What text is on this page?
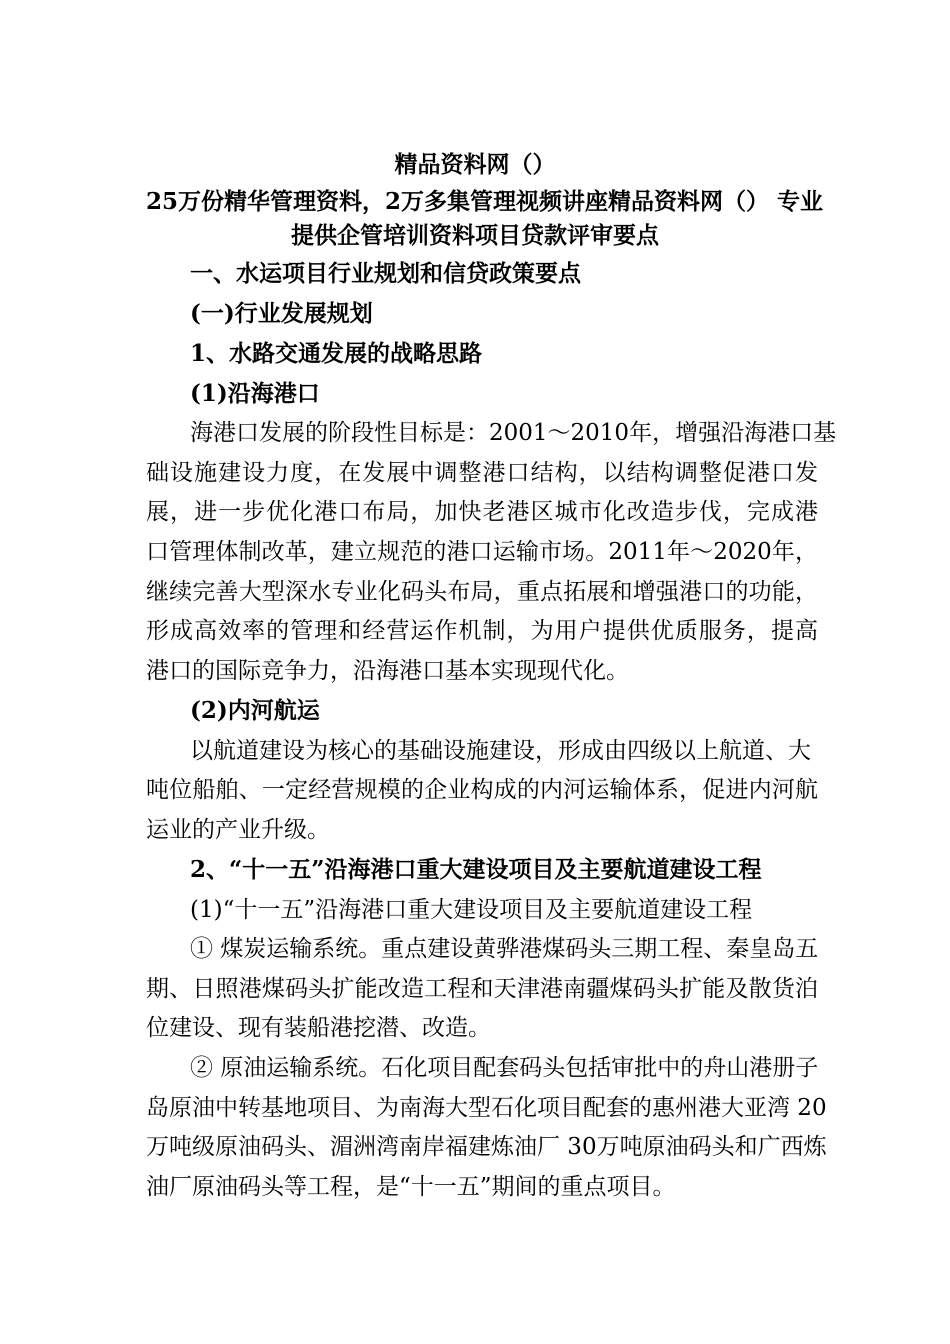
精品资料网（）
25万份精华管理资料，2万多集管理视频讲座精品资料网（） 专业
提供企管培训资料项目贷款评审要点
一、水运项目行业规划和信贷政策要点
(一)行业发展规划
1、水路交通发展的战略思路
(1)沿海港口
海港口发展的阶段性目标是：2001～2010年，增强沿海港口基
础设施建设力度，在发展中调整港口结构，以结构调整促港口发
展，进一步优化港口布局，加快老港区城市化改造步伐，完成港
口管理体制改革，建立规范的港口运输市场。2011年～2020年，
继续完善大型深水专业化码头布局，重点拓展和增强港口的功能，
形成高效率的管理和经营运作机制，为用户提供优质服务，提高
港口的国际竞争力，沿海港口基本实现现代化。
(2)内河航运
以航道建设为核心的基础设施建设，形成由四级以上航道、大
吨位船舶、一定经营规模的企业构成的内河运输体系，促进内河航
运业的产业升级。
2、“十一五”沿海港口重大建设项目及主要航道建设工程
(1)“十一五”沿海港口重大建设项目及主要航道建设工程
① 煤炭运输系统。重点建设黄骅港煤码头三期工程、秦皇岛五
期、日照港煤码头扩能改造工程和天津港南疆煤码头扩能及散货泊
位建设、现有装船港挖潜、改造。
② 原油运输系统。石化项目配套码头包括审批中的舟山港册子
岛原油中转基地项目、为南海大型石化项目配套的惠州港大亚湾 20
万吨级原油码头、湄洲湾南岸福建炼油厂 30万吨原油码头和广西炼
油厂原油码头等工程，是“十一五”期间的重点项目。
